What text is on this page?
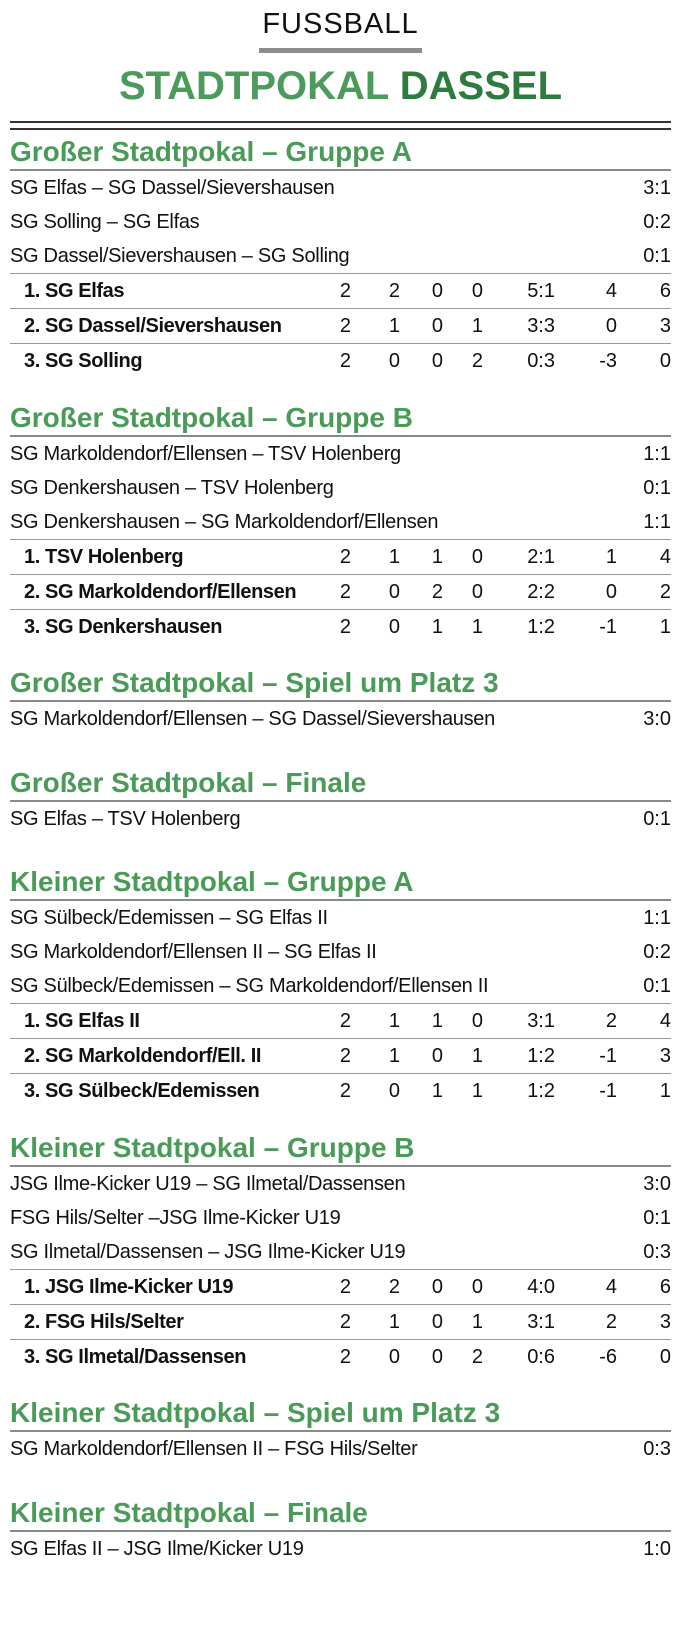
FUSSBALL
STADTPOKAL DASSEL
Großer Stadtpokal – Gruppe A
SG Elfas – SG Dassel/Sievershausen	3:1
SG Solling – SG Elfas	0:2
SG Dassel/Sievershausen – SG Solling	0:1
1. SG Elfas	2 2 0 0 5:1	4 6
2. SG Dassel/Sievershausen	2 1 0 1 3:3	0 3
3. SG Solling	2 0 0 2 0:3 -3 0
Großer Stadtpokal – Gruppe B
SG Markoldendorf/Ellensen – TSV Holenberg	1:1
SG Denkershausen – TSV Holenberg	0:1
SG Denkershausen – SG Markoldendorf/Ellensen	1:1
1. TSV Holenberg	2 1 1 0 2:1	1 4
2. SG Markoldendorf/Ellensen 2 0 2 0 2:2	0 2
3. SG Denkershausen	2 0 1 1 1:2 -1 1
Großer Stadtpokal – Spiel um Platz 3
SG Markoldendorf/Ellensen – SG Dassel/Sievershausen	3:0
Großer Stadtpokal – Finale
SG Elfas – TSV Holenberg	0:1
Kleiner Stadtpokal – Gruppe A
SG Sülbeck/Edemissen – SG Elfas II	1:1
SG Markoldendorf/Ellensen II – SG Elfas II	0:2
SG Sülbeck/Edemissen – SG Markoldendorf/Ellensen II	0:1
1. SG Elfas II	2 1 1 0 3:1	2 4
2. SG Markoldendorf/Ell. II	2 1 0 1 1:2 -1 3
3. SG Sülbeck/Edemissen	2 0 1 1 1:2 -1 1
Kleiner Stadtpokal – Gruppe B
JSG Ilme-Kicker U19 – SG Ilmetal/Dassensen	3:0
FSG Hils/Selter –JSG Ilme-Kicker U19	0:1
SG Ilmetal/Dassensen – JSG Ilme-Kicker U19	0:3
1. JSG Ilme-Kicker U19	2 2 0 0 4:0	4 6
2. FSG Hils/Selter	2 1 0 1 3:1	2 3
3. SG Ilmetal/Dassensen	2 0 0 2 0:6 -6 0
Kleiner Stadtpokal – Spiel um Platz 3
SG Markoldendorf/Ellensen II – FSG Hils/Selter	0:3
Kleiner Stadtpokal – Finale
SG Elfas II – JSG Ilme/Kicker U19	1:0
